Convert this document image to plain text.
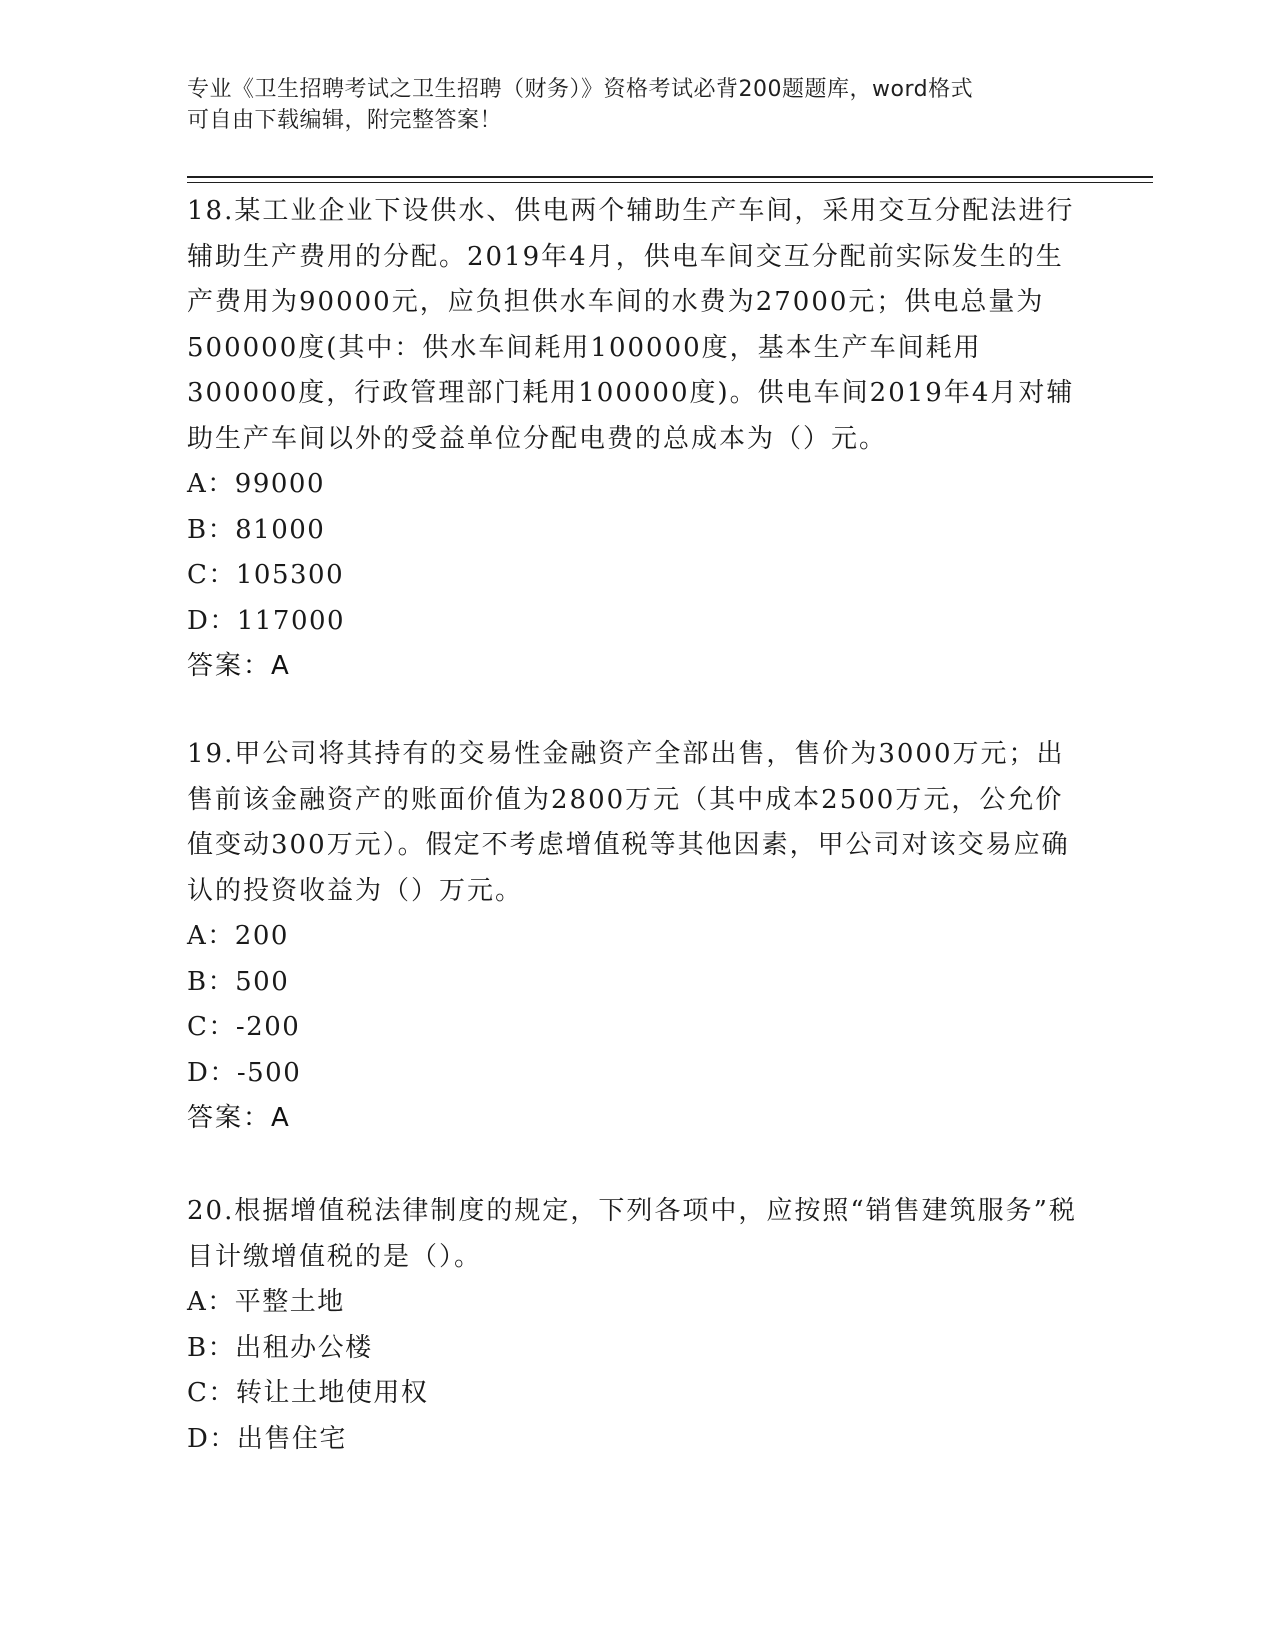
专业《卫生招聘考试之卫生招聘（财务）》资格考试必背200题题库，word格式
可自由下载编辑，附完整答案！

18.某工业企业下设供水、供电两个辅助生产车间，采用交互分配法进行辅助生产费用的分配。2019年4月，供电车间交互分配前实际发生的生产费用为90000元，应负担供水车间的水费为27000元；供电总量为500000度(其中：供水车间耗用100000度，基本生产车间耗用300000度，行政管理部门耗用100000度)。供电车间2019年4月对辅助生产车间以外的受益单位分配电费的总成本为（）元。

A：99000

B：81000

C：105300

D：117000

答案：A

19.甲公司将其持有的交易性金融资产全部出售，售价为3000万元；出售前该金融资产的账面价值为2800万元（其中成本2500万元，公允价值变动300万元）。假定不考虑增值税等其他因素，甲公司对该交易应确认的投资收益为（）万元。

A：200

B：500

C：-200

D：-500

答案：A

20.根据增值税法律制度的规定，下列各项中，应按照“销售建筑服务”税目计缴增值税的是（）。

A：平整土地

B：出租办公楼

C：转让土地使用权

D：出售住宅
